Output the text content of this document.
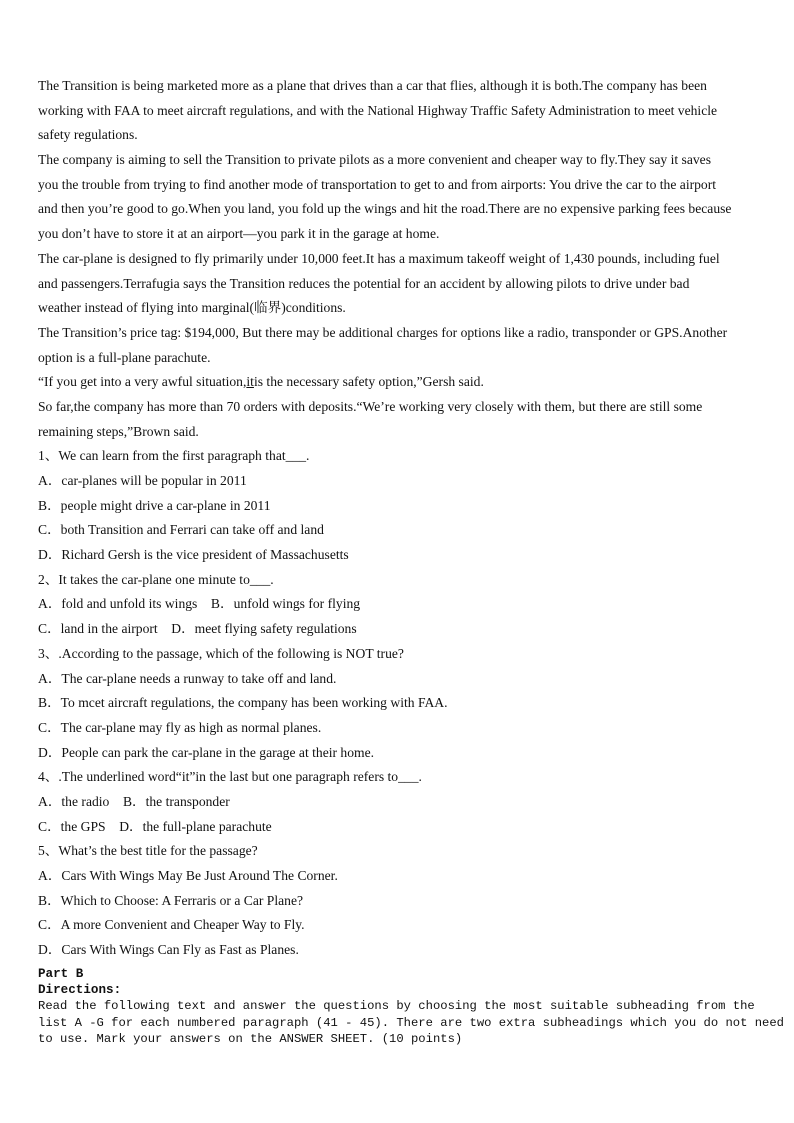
The Transition is being marketed more as a plane that drives than a car that flies, although it is both.The company has been
working with FAA to meet aircraft regulations, and with the National Highway Traffic Safety Administration to meet vehicle
safety regulations.
The company is aiming to sell the Transition to private pilots as a more convenient and cheaper way to fly.They say it saves
you the trouble from trying to find another mode of transportation to get to and from airports: You drive the car to the airport
and then you’re good to go.When you land, you fold up the wings and hit the road.There are no expensive parking fees because
you don’t have to store it at an airport—you park it in the garage at home.
The car-plane is designed to fly primarily under 10,000 feet.It has a maximum takeoff weight of 1,430 pounds, including fuel
and passengers.Terrafugia says the Transition reduces the potential for an accident by allowing pilots to drive under bad
weather instead of flying into marginal(临界)conditions.
The Transition’s price tag: $194,000, But there may be additional charges for options like a radio, transponder or GPS.Another
option is a full-plane parachute.
“If you get into a very awful situation,itis the necessary safety option,”Gersh said.
So far,the company has more than 70 orders with deposits.“We’re working very closely with them, but there are still some
remaining steps,”Brown said.
1、We can learn from the first paragraph that___.
A．car-planes will be popular in 2011
B．people might drive a car-plane in 2011
C．both Transition and Ferrari can take off and land
D．Richard Gersh is the vice president of Massachusetts
2、It takes the car-plane one minute to___.
A．fold and unfold its wings　B．unfold wings for flying
C．land in the airport　D．meet flying safety regulations
3、.According to the passage, which of the following is NOT true?
A．The car-plane needs a runway to take off and land.
B．To mcet aircraft regulations, the company has been working with FAA.
C．The car-plane may fly as high as normal planes.
D．People can park the car-plane in the garage at their home.
4、.The underlined word“it”in the last but one paragraph refers to___.
A．the radio　B．the transponder
C．the GPS　D．the full-plane parachute
5、What’s the best title for the passage?
A．Cars With Wings May Be Just Around The Corner.
B．Which to Choose: A Ferraris or a Car Plane?
C．A more Convenient and Cheaper Way to Fly.
D．Cars With Wings Can Fly as Fast as Planes.
Part B
Directions:
Read the following text and answer the questions by choosing the most suitable subheading from the
list A -G for each numbered paragraph (41 - 45). There are two extra subheadings which you do not need
to use. Mark your answers on the ANSWER SHEET. (10 points)
